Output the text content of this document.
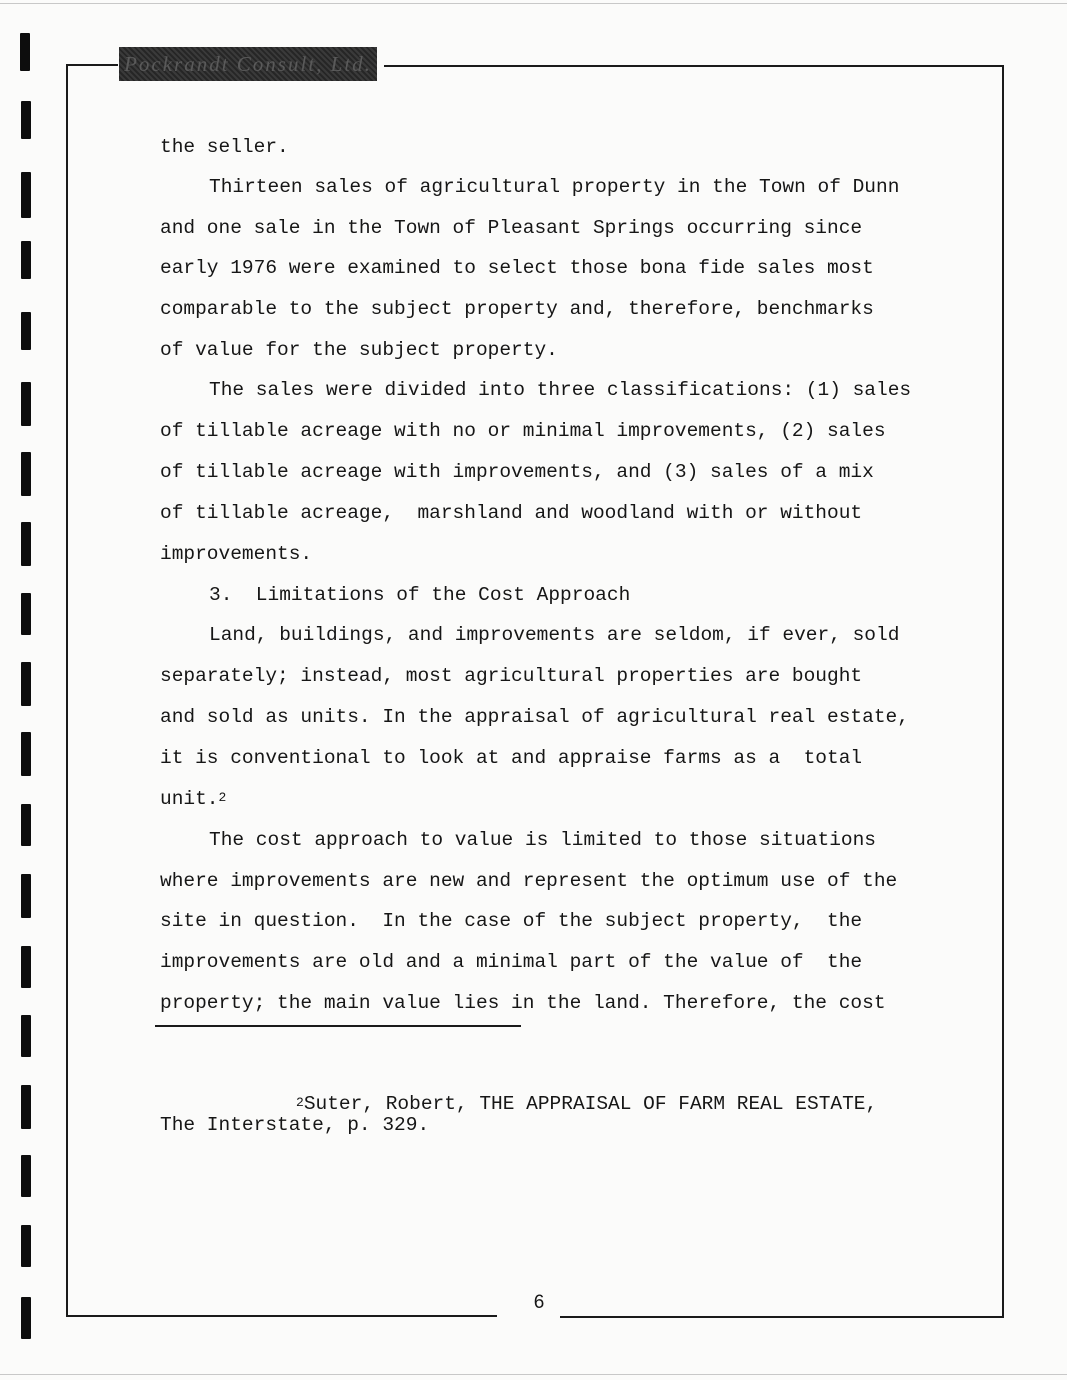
Pockrandt Consult, Ltd.
the seller.
Thirteen sales of agricultural property in the Town of Dunn
and one sale in the Town of Pleasant Springs occurring since
early 1976 were examined to select those bona fide sales most
comparable to the subject property and, therefore, benchmarks
of value for the subject property.
The sales were divided into three classifications: (1) sales
of tillable acreage with no or minimal improvements, (2) sales
of tillable acreage with improvements, and (3) sales of a mix
of tillable acreage,  marshland and woodland with or without
improvements.
3.  Limitations of the Cost Approach
Land, buildings, and improvements are seldom, if ever, sold
separately; instead, most agricultural properties are bought
and sold as units. In the appraisal of agricultural real estate,
it is conventional to look at and appraise farms as a  total
unit.$^2$
The cost approach to value is limited to those situations
where improvements are new and represent the optimum use of the
site in question.  In the case of the subject property,  the
improvements are old and a minimal part of the value of  the
property; the main value lies in the land. Therefore, the cost
$^2$Suter, Robert, THE APPRAISAL OF FARM REAL ESTATE,
The Interstate, p. 329.
6
